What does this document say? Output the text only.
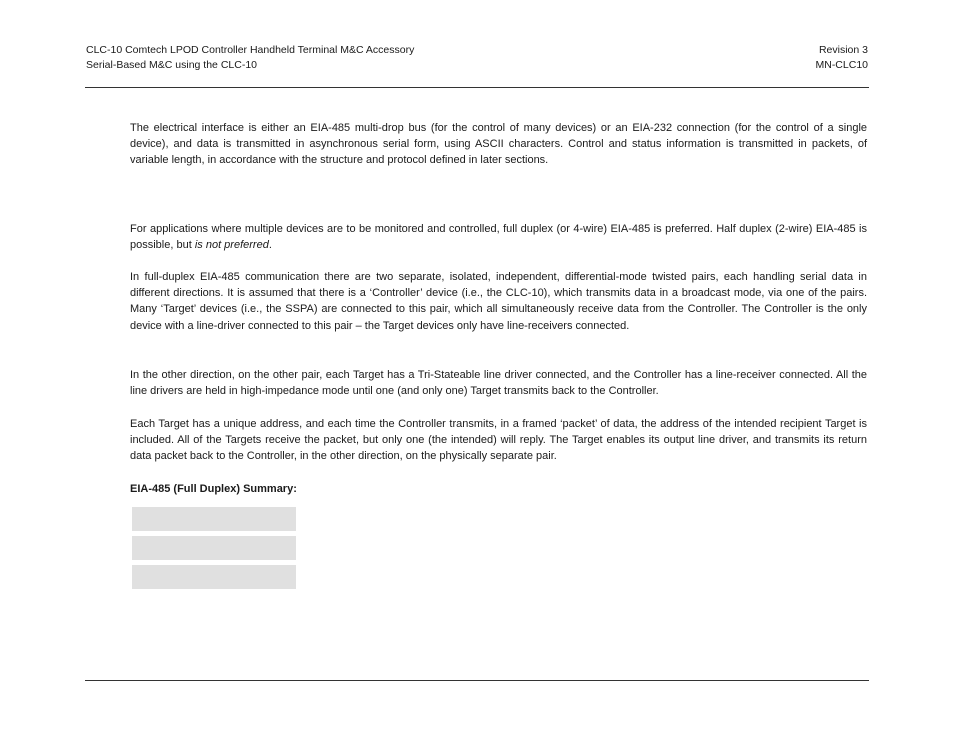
CLC-10 Comtech LPOD Controller Handheld Terminal M&C Accessory
Serial-Based M&C using the CLC-10
Revision 3
MN-CLC10

The electrical interface is either an EIA-485 multi-drop bus (for the control of many devices) or an EIA-232 connection (for the control of a single device), and data is transmitted in asynchronous serial form, using ASCII characters. Control and status information is transmitted in packets, of variable length, in accordance with the structure and protocol defined in later sections.

For applications where multiple devices are to be monitored and controlled, full duplex (or 4-wire) EIA-485 is preferred. Half duplex (2-wire) EIA-485 is possible, but is not preferred.

In full-duplex EIA-485 communication there are two separate, isolated, independent, differential-mode twisted pairs, each handling serial data in different directions. It is assumed that there is a ‘Controller’ device (i.e., the CLC-10), which transmits data in a broadcast mode, via one of the pairs. Many ‘Target’ devices (i.e., the SSPA) are connected to this pair, which all simultaneously receive data from the Controller. The Controller is the only device with a line-driver connected to this pair – the Target devices only have line-receivers connected.

In the other direction, on the other pair, each Target has a Tri-Stateable line driver connected, and the Controller has a line-receiver connected. All the line drivers are held in high-impedance mode until one (and only one) Target transmits back to the Controller.

Each Target has a unique address, and each time the Controller transmits, in a framed ‘packet’ of data, the address of the intended recipient Target is included. All of the Targets receive the packet, but only one (the intended) will reply. The Target enables its output line driver, and transmits its return data packet back to the Controller, in the other direction, on the physically separate pair.

EIA-485 (Full Duplex) Summary:
